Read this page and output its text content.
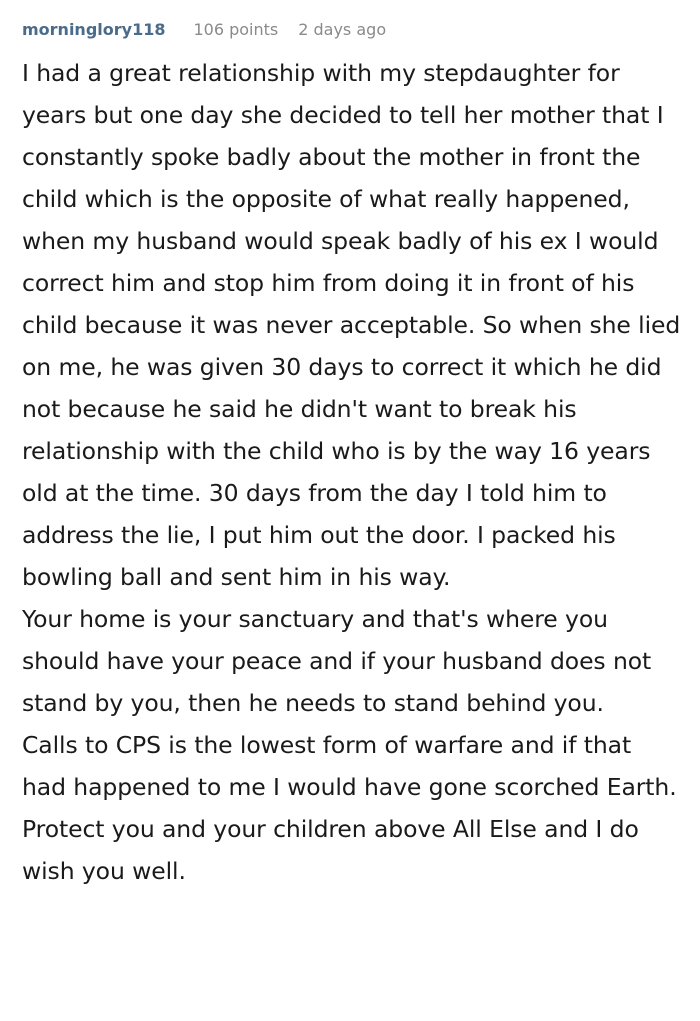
morninglory118 106 points 2 days ago

I had a great relationship with my stepdaughter for years but one day she decided to tell her mother that I constantly spoke badly about the mother in front the child which is the opposite of what really happened, when my husband would speak badly of his ex I would correct him and stop him from doing it in front of his child because it was never acceptable. So when she lied on me, he was given 30 days to correct it which he did not because he said he didn't want to break his relationship with the child who is by the way 16 years old at the time. 30 days from the day I told him to address the lie, I put him out the door. I packed his bowling ball and sent him in his way.

Your home is your sanctuary and that's where you should have your peace and if your husband does not stand by you, then he needs to stand behind you.

Calls to CPS is the lowest form of warfare and if that had happened to me I would have gone scorched Earth. Protect you and your children above All Else and I do wish you well.
